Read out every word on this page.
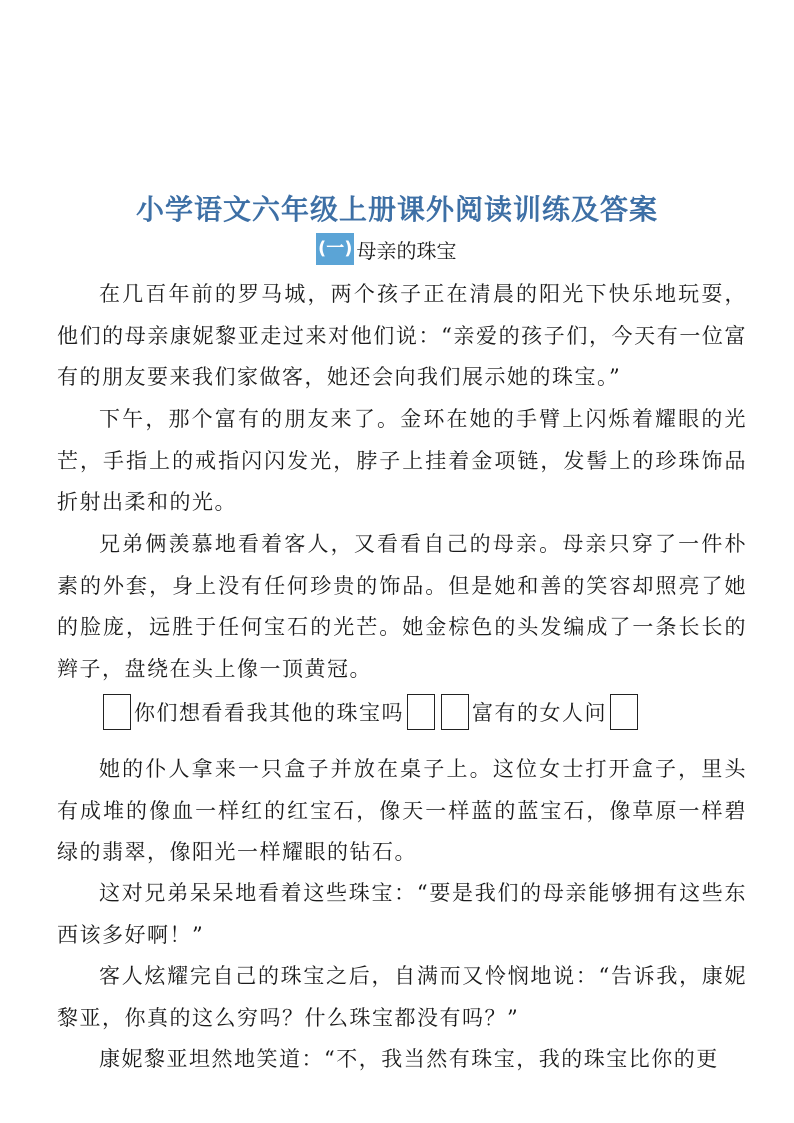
小学语文六年级上册课外阅读训练及答案
(一) 母亲的珠宝

在几百年前的罗马城，两个孩子正在清晨的阳光下快乐地玩耍，他们的母亲康妮黎亚走过来对他们说：“亲爱的孩子们，今天有一位富有的朋友要来我们家做客，她还会向我们展示她的珠宝。”

下午，那个富有的朋友来了。金环在她的手臂上闪烁着耀眼的光芒，手指上的戒指闪闪发光，脖子上挂着金项链，发髻上的珍珠饰品折射出柔和的光。

兄弟俩羡慕地看着客人，又看看自己的母亲。母亲只穿了一件朴素的外套，身上没有任何珍贵的饰品。但是她和善的笑容却照亮了她的脸庞，远胜于任何宝石的光芒。她金棕色的头发编成了一条长长的辫子，盘绕在头上像一顶黄冠。

你们想看看我其他的珠宝吗	富有的女人问

她的仆人拿来一只盒子并放在桌子上。这位女士打开盒子，里头有成堆的像血一样红的红宝石，像天一样蓝的蓝宝石，像草原一样碧绿的翡翠，像阳光一样耀眼的钻石。

这对兄弟呆呆地看着这些珠宝：“要是我们的母亲能够拥有这些东西该多好啊！”

客人炫耀完自己的珠宝之后，自满而又怜悯地说：“告诉我，康妮黎亚，你真的这么穷吗？什么珠宝都没有吗？”

康妮黎亚坦然地笑道：“不，我当然有珠宝，我的珠宝比你的更
